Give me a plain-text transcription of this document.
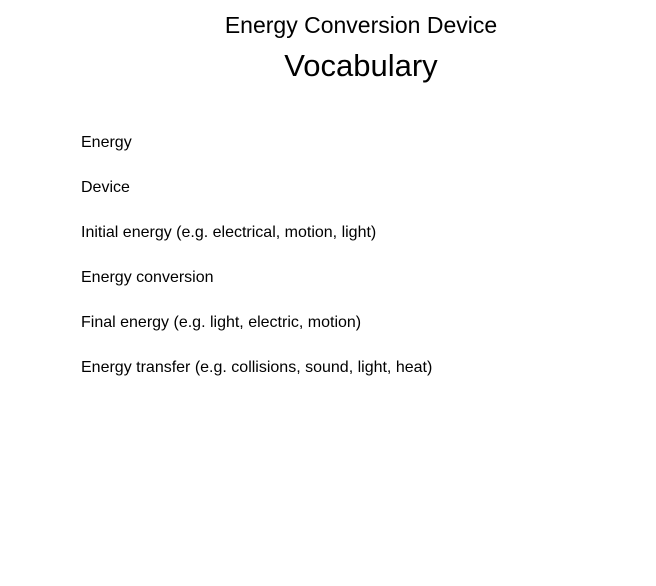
Energy Conversion Device
Vocabulary
Energy
Device
Initial energy (e.g. electrical, motion, light)
Energy conversion
Final energy (e.g. light, electric, motion)
Energy transfer (e.g. collisions, sound, light, heat)
